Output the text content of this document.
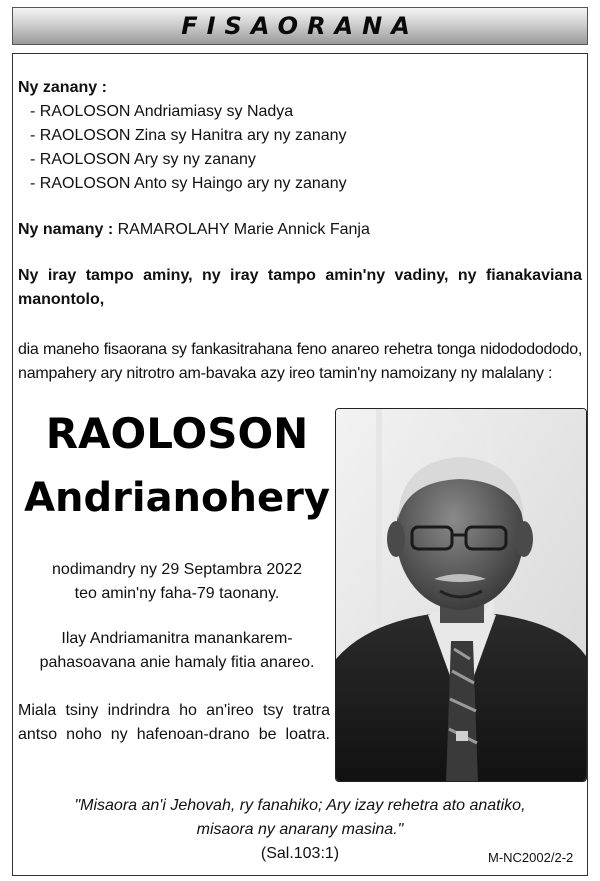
FISAORANA
Ny zanany :
- RAOLOSON Andriamiasy sy Nadya
- RAOLOSON Zina sy Hanitra ary ny zanany
- RAOLOSON Ary sy ny zanany
- RAOLOSON Anto sy Haingo ary ny zanany
Ny namany : RAMAROLAHY Marie Annick Fanja
Ny iray tampo aminy, ny iray tampo amin'ny vadiny, ny fianakaviana
manontolo,
dia maneho fisaorana sy fankasitrahana feno anareo rehetra tonga nidododododo,
nampahery ary nitrotro am-bavaka azy ireo tamin'ny namoizany ny malalany :
RAOLOSON
Andrianohery
nodimandry ny 29 Septambra 2022
teo amin'ny faha-79 taonany.
Ilay Andriamanitra manankarem-
pahasoavana anie hamaly fitia anareo.
Miala tsiny indrindra ho an'ireo tsy tratra
antso noho ny hafenoan-drano be loatra.
"Misaora an'i Jehovah, ry fanahiko; Ary izay rehetra ato anatiko,
misaora ny anarany masina."
(Sal.103:1)	M-NC2002/2-2
